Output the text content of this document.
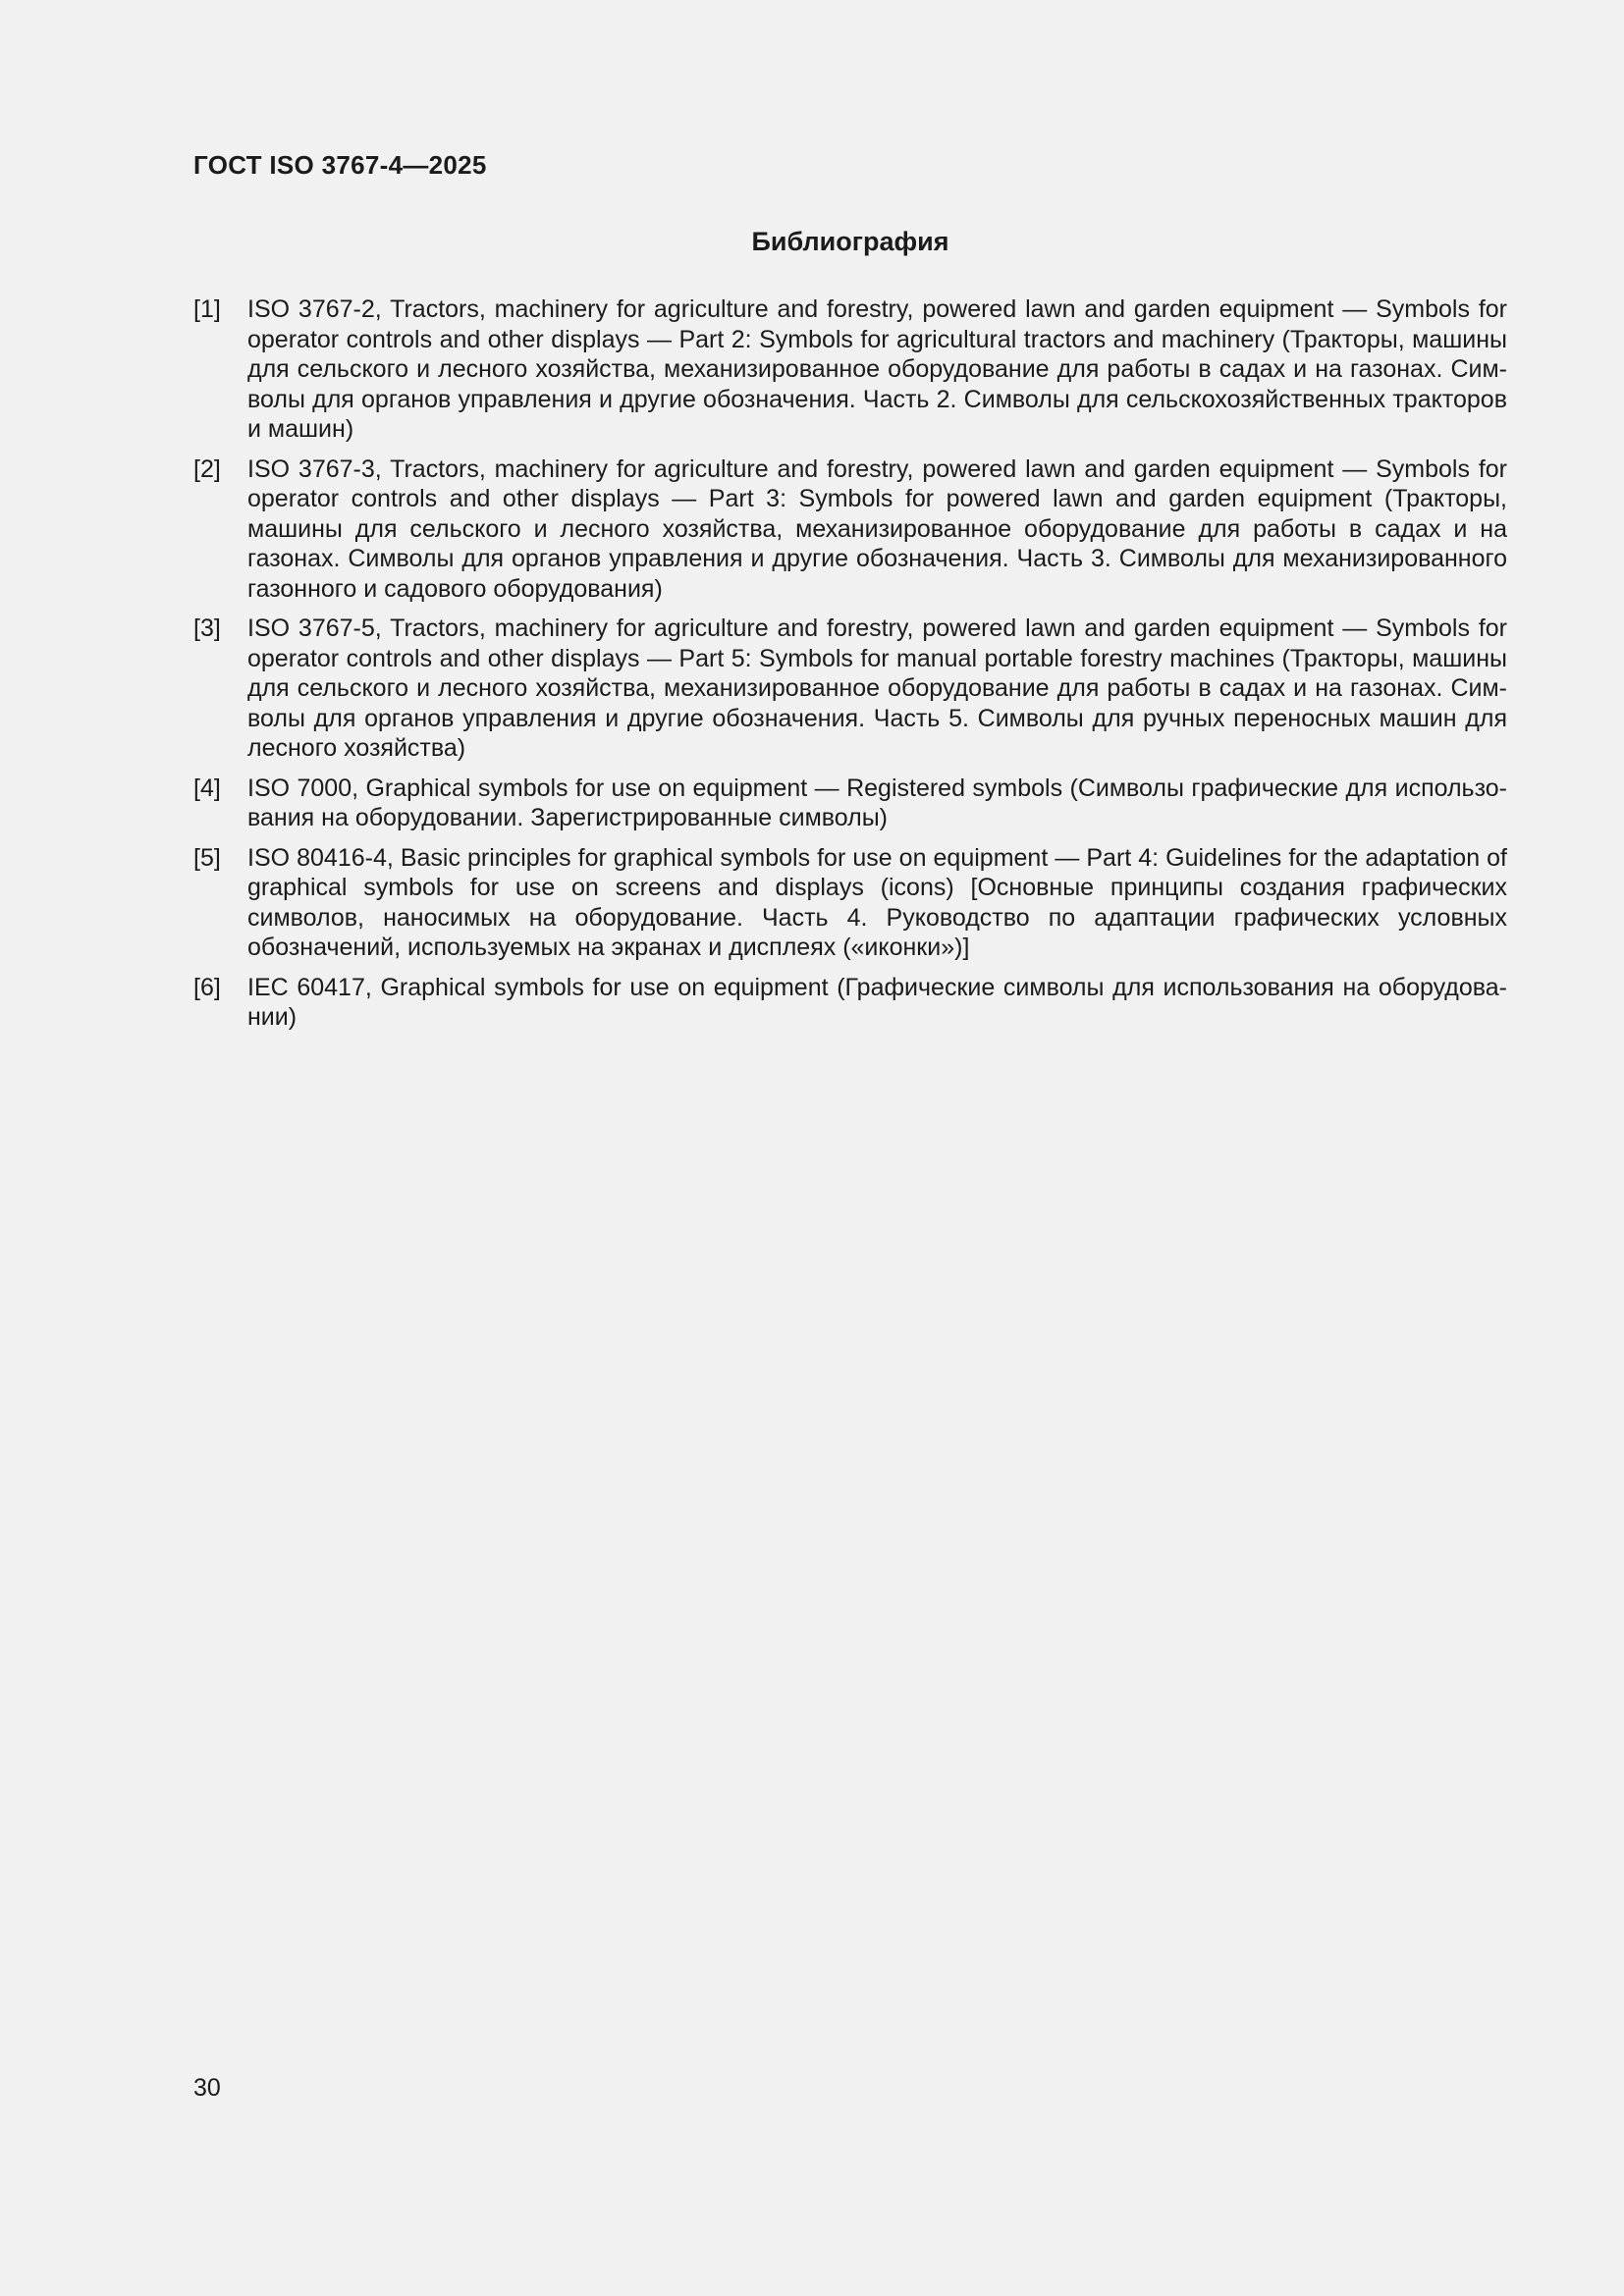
ГОСТ ISO 3767-4—2025
Библиография
[1]	ISO 3767-2, Tractors, machinery for agriculture and forestry, powered lawn and garden equipment — Symbols for operator controls and other displays — Part 2: Symbols for agricultural tractors and machinery (Тракторы, машины для сельского и лесного хозяйства, механизированное оборудование для работы в садах и на газонах. Символы для органов управления и другие обозначения. Часть 2. Символы для сельскохозяйственных тракторов и машин)
[2]	ISO 3767-3, Tractors, machinery for agriculture and forestry, powered lawn and garden equipment — Symbols for operator controls and other displays — Part 3: Symbols for powered lawn and garden equipment (Тракторы, машины для сельского и лесного хозяйства, механизированное оборудование для работы в садах и на газонах. Символы для органов управления и другие обозначения. Часть 3. Символы для механизированного газонного и садового оборудования)
[3]	ISO 3767-5, Tractors, machinery for agriculture and forestry, powered lawn and garden equipment — Symbols for operator controls and other displays — Part 5: Symbols for manual portable forestry machines (Тракторы, машины для сельского и лесного хозяйства, механизированное оборудование для работы в садах и на газонах. Символы для органов управления и другие обозначения. Часть 5. Символы для ручных переносных машин для лесного хозяйства)
[4]	ISO 7000, Graphical symbols for use on equipment — Registered symbols (Символы графические для использования на оборудовании. Зарегистрированные символы)
[5]	ISO 80416-4, Basic principles for graphical symbols for use on equipment — Part 4: Guidelines for the adaptation of graphical symbols for use on screens and displays (icons) [Основные принципы создания графических символов, наносимых на оборудование. Часть 4. Руководство по адаптации графических условных обозначений, используемых на экранах и дисплеях («иконки»)]
[6]	IEC 60417, Graphical symbols for use on equipment (Графические символы для использования на оборудовании)
30
